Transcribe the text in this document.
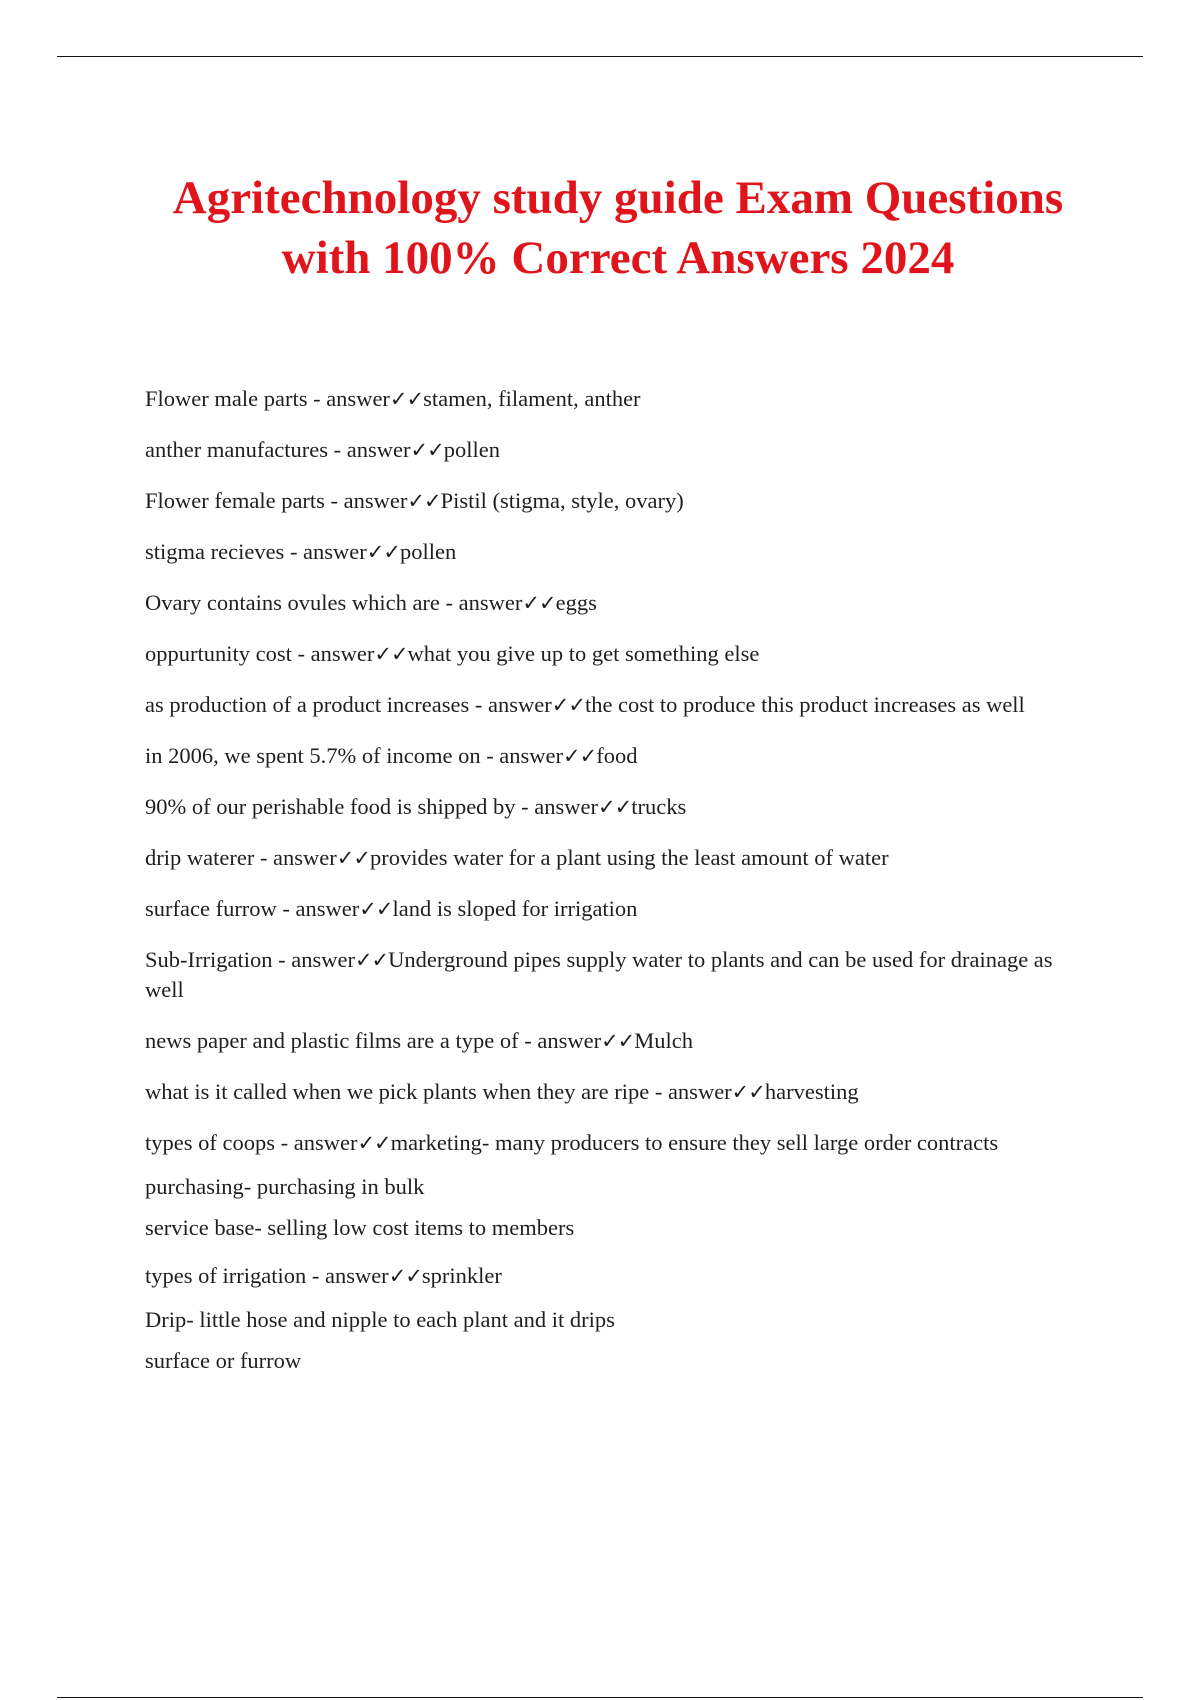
Agritechnology study guide Exam Questions
with 100% Correct Answers 2024

Flower male parts - answer✓✓stamen, filament, anther

anther manufactures - answer✓✓pollen

Flower female parts - answer✓✓Pistil (stigma, style, ovary)

stigma recieves - answer✓✓pollen

Ovary contains ovules which are - answer✓✓eggs

oppurtunity cost - answer✓✓what you give up to get something else

as production of a product increases - answer✓✓the cost to produce this product increases as well

in 2006, we spent 5.7% of income on - answer✓✓food

90% of our perishable food is shipped by - answer✓✓trucks

drip waterer - answer✓✓provides water for a plant using the least amount of water

surface furrow - answer✓✓land is sloped for irrigation

Sub-Irrigation - answer✓✓Underground pipes supply water to plants and can be used for drainage as well

news paper and plastic films are a type of - answer✓✓Mulch

what is it called when we pick plants when they are ripe - answer✓✓harvesting

types of coops - answer✓✓marketing- many producers to ensure they sell large order contracts

purchasing- purchasing in bulk

service base- selling low cost items to members

types of irrigation - answer✓✓sprinkler

Drip- little hose and nipple to each plant and it drips

surface or furrow
